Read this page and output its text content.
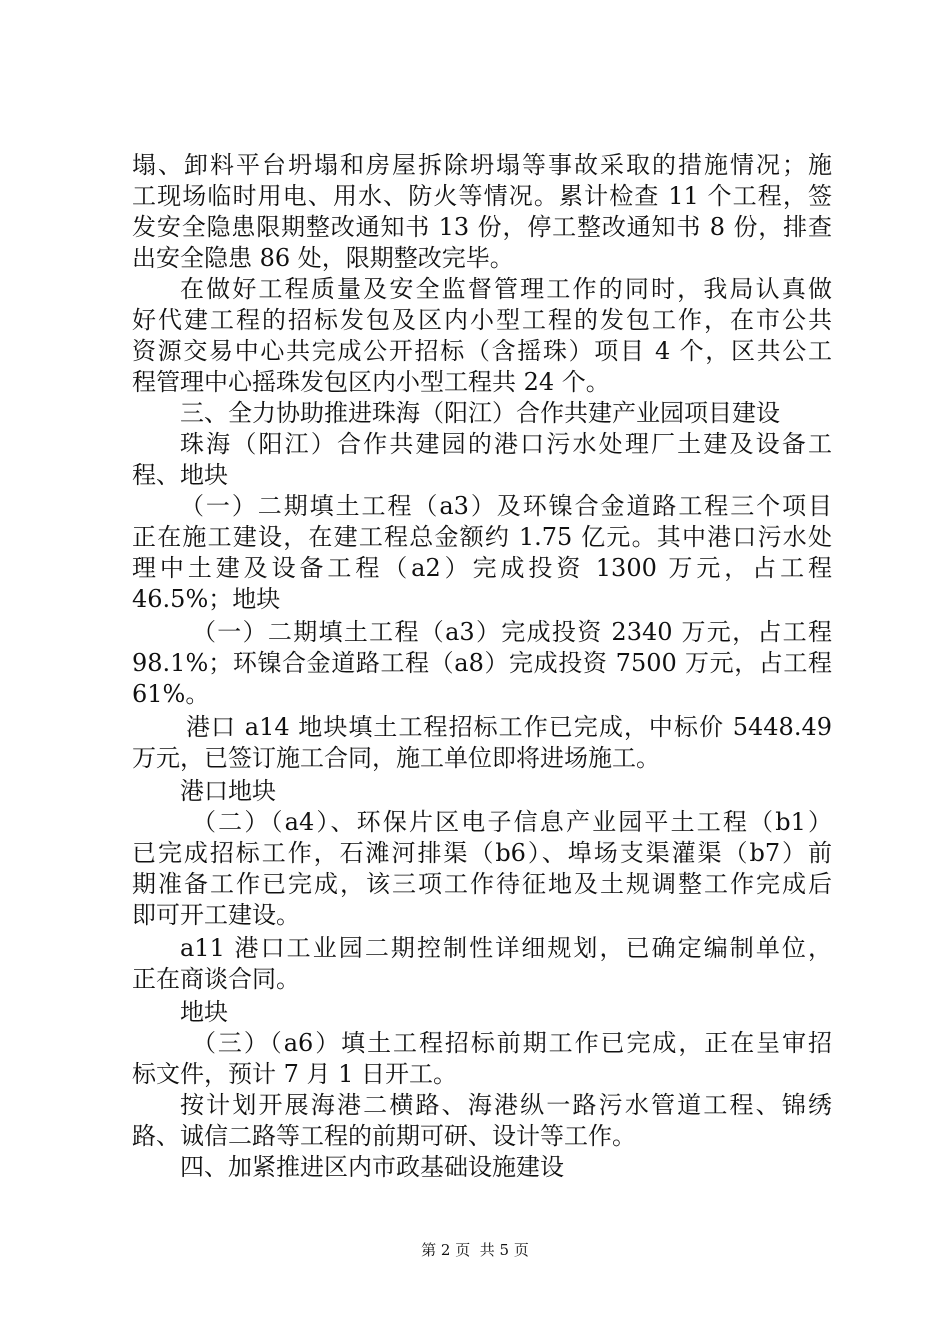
塌、卸料平台坍塌和房屋拆除坍塌等事故采取的措施情况；施
工现场临时用电、用水、防火等情况。累计检查 11 个工程，签
发安全隐患限期整改通知书 13 份，停工整改通知书 8 份，排查
出安全隐患 86 处，限期整改完毕。
在做好工程质量及安全监督管理工作的同时，我局认真做
好代建工程的招标发包及区内小型工程的发包工作，在市公共
资源交易中心共完成公开招标（含摇珠）项目 4 个，区共公工
程管理中心摇珠发包区内小型工程共 24 个。
三、全力协助推进珠海（阳江）合作共建产业园项目建设
珠海（阳江）合作共建园的港口污水处理厂土建及设备工
程、地块
（一）二期填土工程（a3）及环镍合金道路工程三个项目
正在施工建设，在建工程总金额约 1.75 亿元。其中港口污水处
理中土建及设备工程（a2）完成投资 1300 万元，占工程
46.5%；地块
（一）二期填土工程（a3）完成投资 2340 万元，占工程
98.1%；环镍合金道路工程（a8）完成投资 7500 万元，占工程
61%。
港口 a14 地块填土工程招标工作已完成，中标价 5448.49
万元，已签订施工合同，施工单位即将进场施工。
港口地块
（二）（a4）、环保片区电子信息产业园平土工程（b1）
已完成招标工作，石滩河排渠（b6）、埠场支渠灌渠（b7）前
期准备工作已完成，该三项工作待征地及土规调整工作完成后
即可开工建设。
a11 港口工业园二期控制性详细规划，已确定编制单位，
正在商谈合同。
地块
（三）（a6）填土工程招标前期工作已完成，正在呈审招
标文件，预计 7 月 1 日开工。
按计划开展海港二横路、海港纵一路污水管道工程、锦绣
路、诚信二路等工程的前期可研、设计等工作。
四、加紧推进区内市政基础设施建设
第 2 页  共 5 页
